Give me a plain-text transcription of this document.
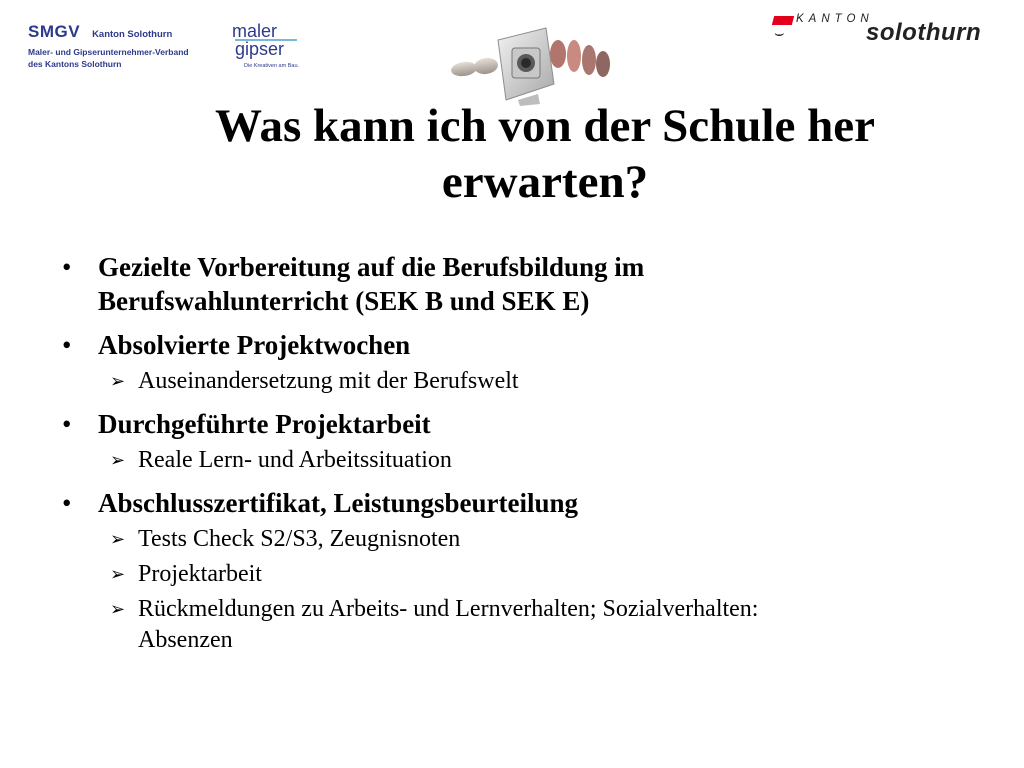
SMGV Kanton Solothurn
Maler- und Gipserunternehmer-Verband
des Kantons Solothurn
maler
gipser
Die Kreativen am Bau.
⌣
KANTON
solothurn
Was kann ich von der Schule her
erwarten?
• Gezielte Vorbereitung auf die Berufsbildung im
Berufswahlunterricht (SEK B und SEK E)
• Absolvierte Projektwochen
➢ Auseinandersetzung mit der Berufswelt
• Durchgeführte Projektarbeit
➢ Reale Lern- und Arbeitssituation
• Abschlusszertifikat, Leistungsbeurteilung
➢ Tests Check S2/S3, Zeugnisnoten
➢ Projektarbeit
➢ Rückmeldungen zu Arbeits- und Lernverhalten; Sozialverhalten:
Absenzen
